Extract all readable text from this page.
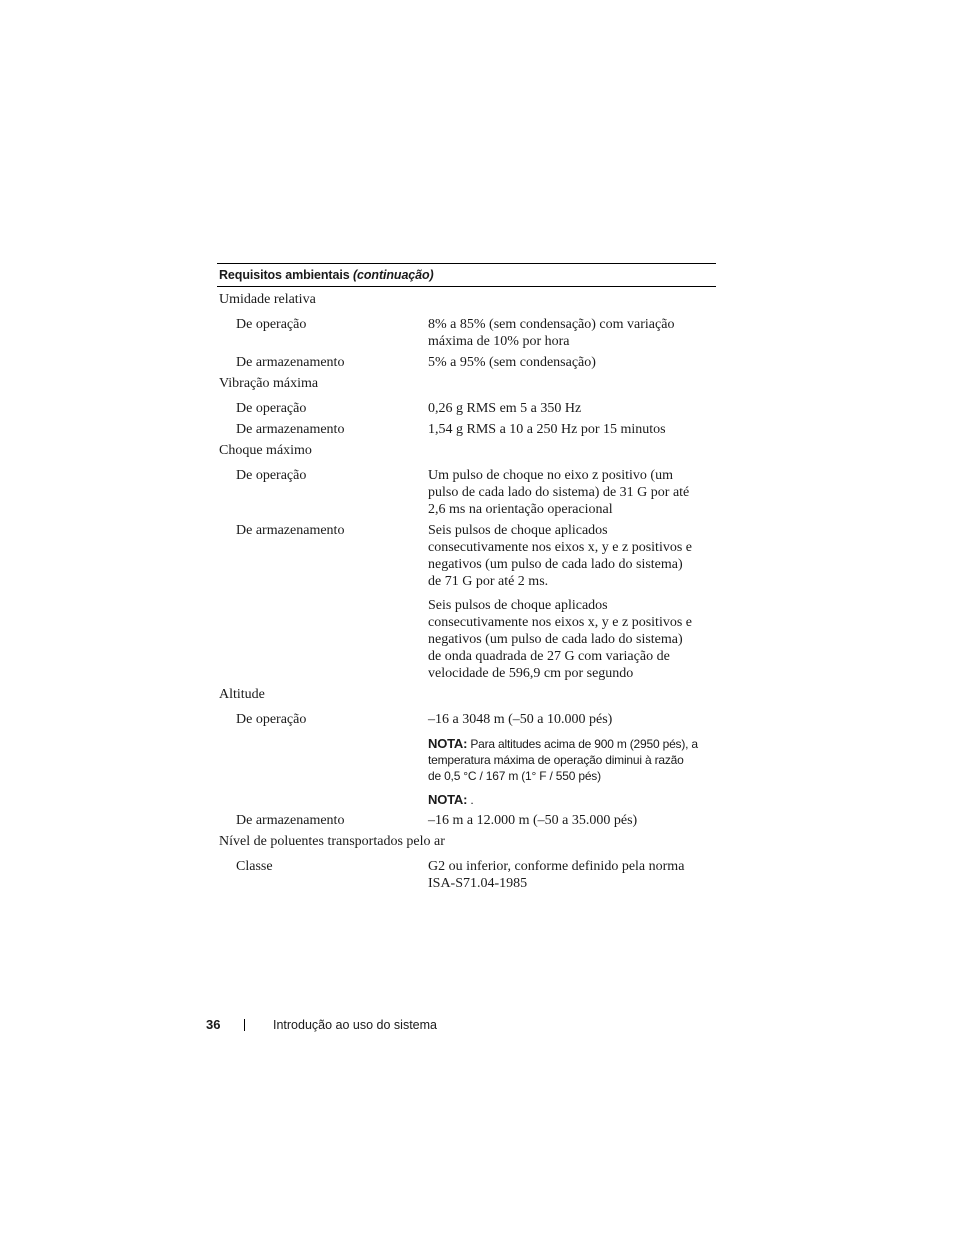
Requisitos ambientais (continuação)
Umidade relativa
De operação	8% a 85% (sem condensação) com variação máxima de 10% por hora

De armazenamento	5% a 95% (sem condensação)

Vibração máxima
De operação	0,26 g RMS em 5 a 350 Hz

De armazenamento	1,54 g RMS a 10 a 250 Hz por 15 minutos

Choque máximo
De operação	Um pulso de choque no eixo z positivo (um pulso de cada lado do sistema) de 31 G por até 2,6 ms na orientação operacional

De armazenamento	Seis pulsos de choque aplicados consecutivamente nos eixos x, y e z positivos e negativos (um pulso de cada lado do sistema) de 71 G por até 2 ms.

Seis pulsos de choque aplicados consecutivamente nos eixos x, y e z positivos e negativos (um pulso de cada lado do sistema) de onda quadrada de 27 G com variação de velocidade de 596,9 cm por segundo

Altitude
De operação	–16 a 3048 m (–50 a 10.000 pés)

NOTA: Para altitudes acima de 900 m (2950 pés), a temperatura máxima de operação diminui à razão de 0,5 °C / 167 m (1° F / 550 pés)
NOTA: .
De armazenamento	–16 m a 12.000 m (–50 a 35.000 pés)

Nível de poluentes transportados pelo ar
Classe	G2 ou inferior, conforme definido pela norma ISA-S71.04-1985

36	Introdução ao uso do sistema
